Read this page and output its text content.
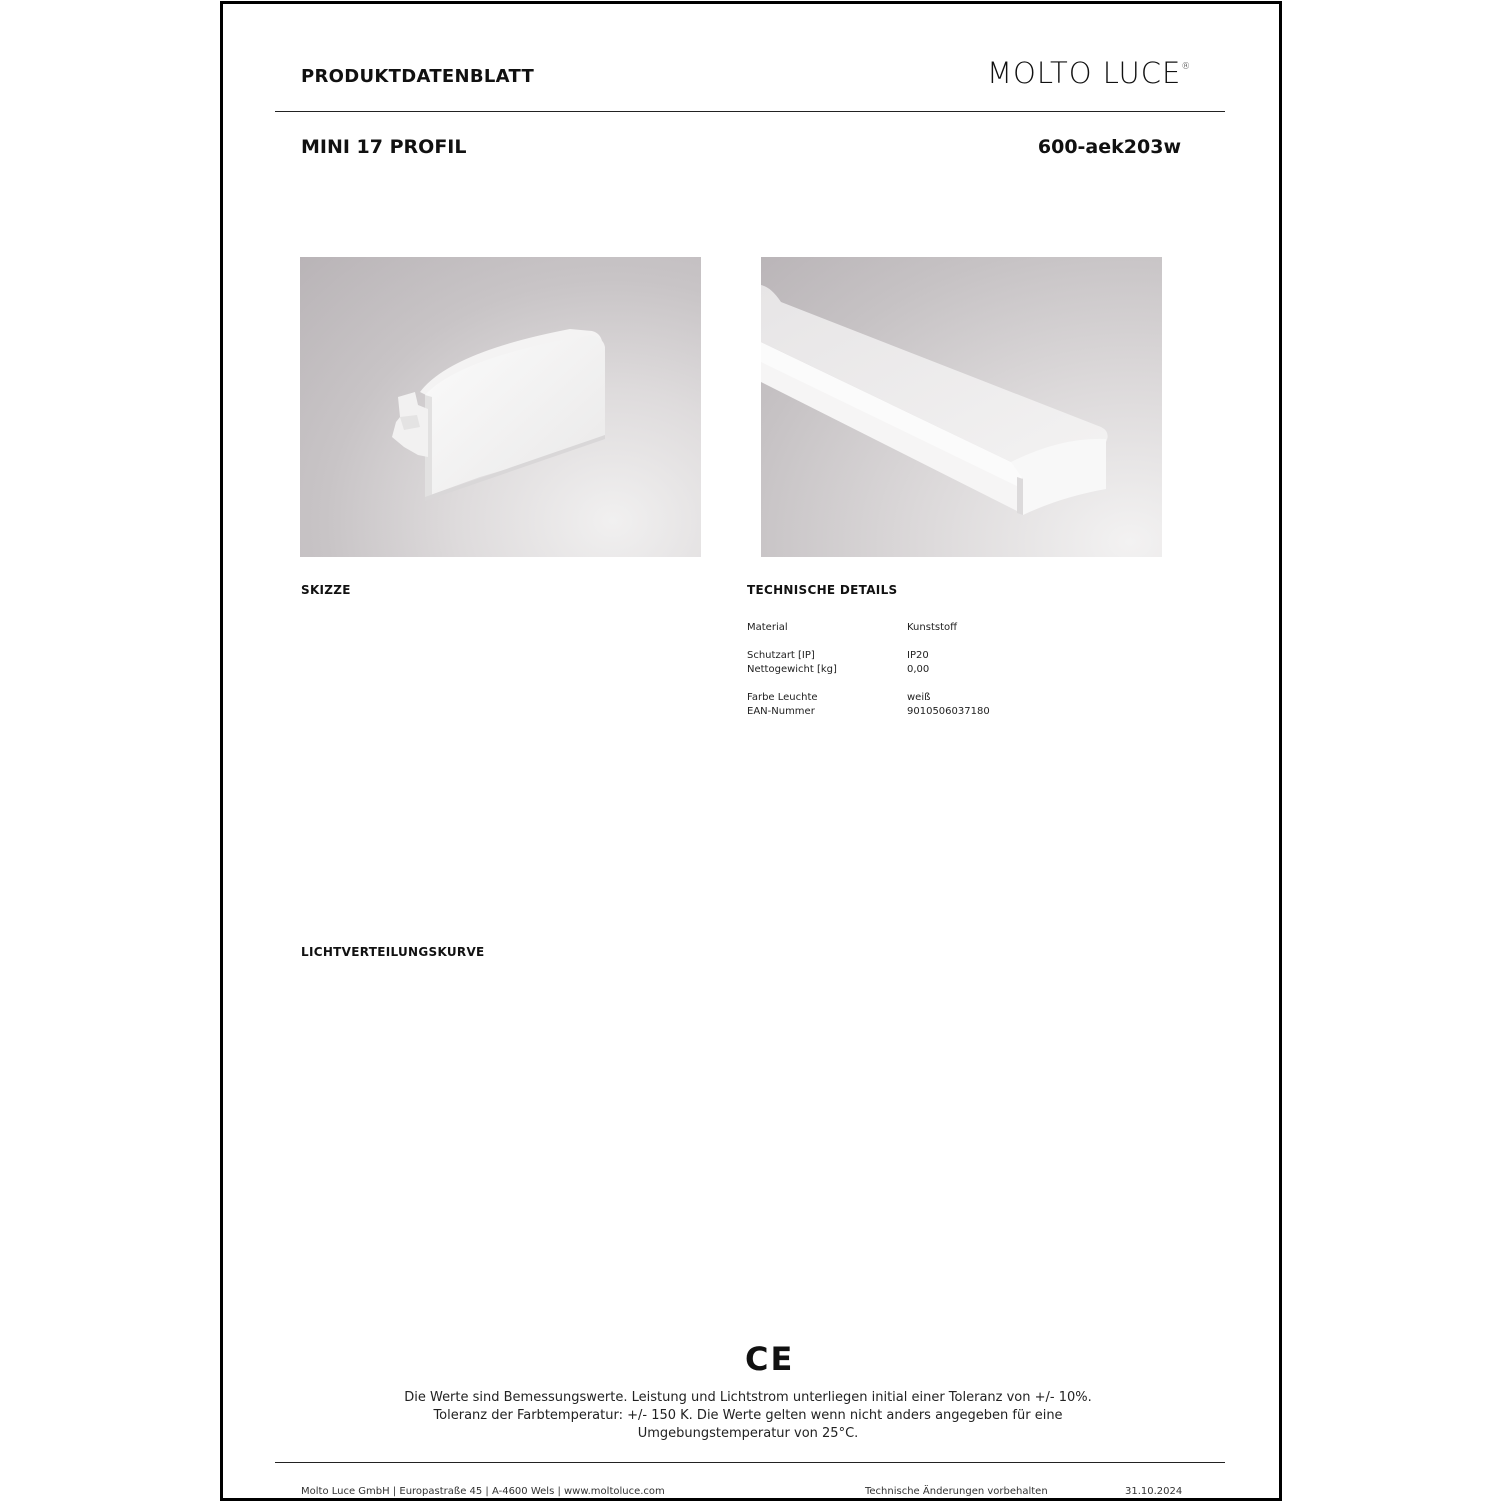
PRODUKTDATENBLATT	MOLTO LUCE®
MINI 17 PROFIL	600-aek203w
SKIZZE	TECHNISCHE DETAILS
Material	Kunststoff
Schutzart [IP]	IP20
Nettogewicht [kg]	0,00
Farbe Leuchte	weiß
EAN-Nummer	9010506037180
LICHTVERTEILUNGSKURVE
CE
Die Werte sind Bemessungswerte. Leistung und Lichtstrom unterliegen initial einer Toleranz von +/- 10%.
Toleranz der Farbtemperatur: +/- 150 K. Die Werte gelten wenn nicht anders angegeben für eine
Umgebungstemperatur von 25°C.
Molto Luce GmbH | Europastraße 45 | A-4600 Wels | www.moltoluce.com	Technische Änderungen vorbehalten	31.10.2024
